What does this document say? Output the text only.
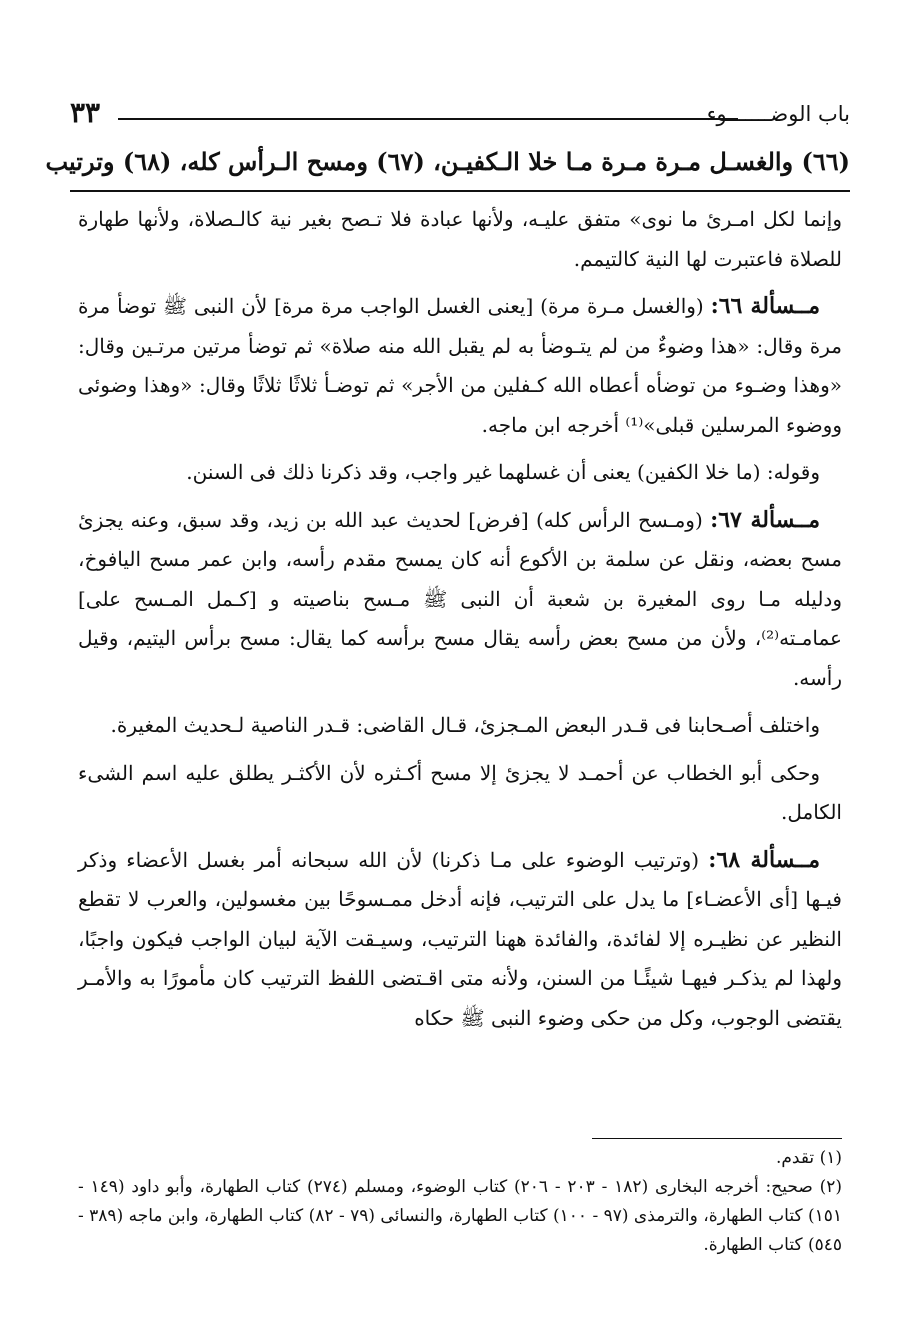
باب الوضـــــــوء
٣٣
(٦٦) والغسـل مـرة مـرة مـا خلا الـكفيـن، (٦٧) ومسح الـرأس كله، (٦٨) وترتيب

وإنما لكل امـرئ ما نوى» متفق عليـه، ولأنها عبادة فلا تـصح بغير نية كالـصلاة، ولأنها طهارة للصلاة فاعتبرت لها النية كالتيمم.

مــسألة ٦٦: (والغسل مـرة مرة) [يعنى الغسل الواجب مرة مرة] لأن النبى ﷺ توضأ مرة مرة وقال: «هذا وضوءٌ من لم يتـوضأ به لم يقبل الله منه صلاة» ثم توضأ مرتين مرتـين وقال: «وهذا وضـوء من توضأه أعطاه الله كـفلين من الأجر» ثم توضـأ ثلاثًا ثلاثًا وقال: «وهذا وضوئى ووضوء المرسلين قبلى»⁽¹⁾ أخرجه ابن ماجه.

وقوله: (ما خلا الكفين) يعنى أن غسلهما غير واجب، وقد ذكرنا ذلك فى السنن.

مــسألة ٦٧: (ومـسح الرأس كله) [فرض] لحديث عبد الله بن زيد، وقد سبق، وعنه يجزئ مسح بعضه، ونقل عن سلمة بن الأكوع أنه كان يمسح مقدم رأسه، وابن عمر مسح اليافوخ، ودليله مـا روى المغيرة بن شعبة أن النبى ﷺ مـسح بناصيته و [كـمل المـسح على] عمامـته⁽²⁾، ولأن من مسح بعض رأسه يقال مسح برأسه كما يقال: مسح برأس اليتيم، وقيل رأسه.

واختلف أصـحابنا فى قـدر البعض المـجزئ، قـال القاضى: قـدر الناصية لـحديث المغيرة.

وحكى أبو الخطاب عن أحمـد لا يجزئ إلا مسح أكـثره لأن الأكثـر يطلق عليه اسم الشىء الكامل.

مــسألة ٦٨: (وترتيب الوضوء على مـا ذكرنا) لأن الله سبحانه أمر بغسل الأعضاء وذكر فيـها [أى الأعضـاء] ما يدل على الترتيب، فإنه أدخل ممـسوحًا بين مغسولين، والعرب لا تقطع النظير عن نظيـره إلا لفائدة، والفائدة ههنا الترتيب، وسيـقت الآية لبيان الواجب فيكون واجبًا، ولهذا لم يذكـر فيهـا شيئًـا من السنن، ولأنه متى اقـتضى اللفظ الترتيب كان مأمورًا به والأمـر يقتضى الوجوب، وكل من حكى وضوء النبى ﷺ حكاه

(١) تقدم.

(٢) صحيح: أخرجه البخارى (١٨٢ - ٢٠٣ - ٢٠٦) كتاب الوضوء، ومسلم (٢٧٤) كتاب الطهارة، وأبو داود (١٤٩ - ١٥١) كتاب الطهارة، والترمذى (٩٧ - ١٠٠) كتاب الطهارة، والنسائى (٧٩ - ٨٢) كتاب الطهارة، وابن ماجه (٣٨٩ - ٥٤٥) كتاب الطهارة.
